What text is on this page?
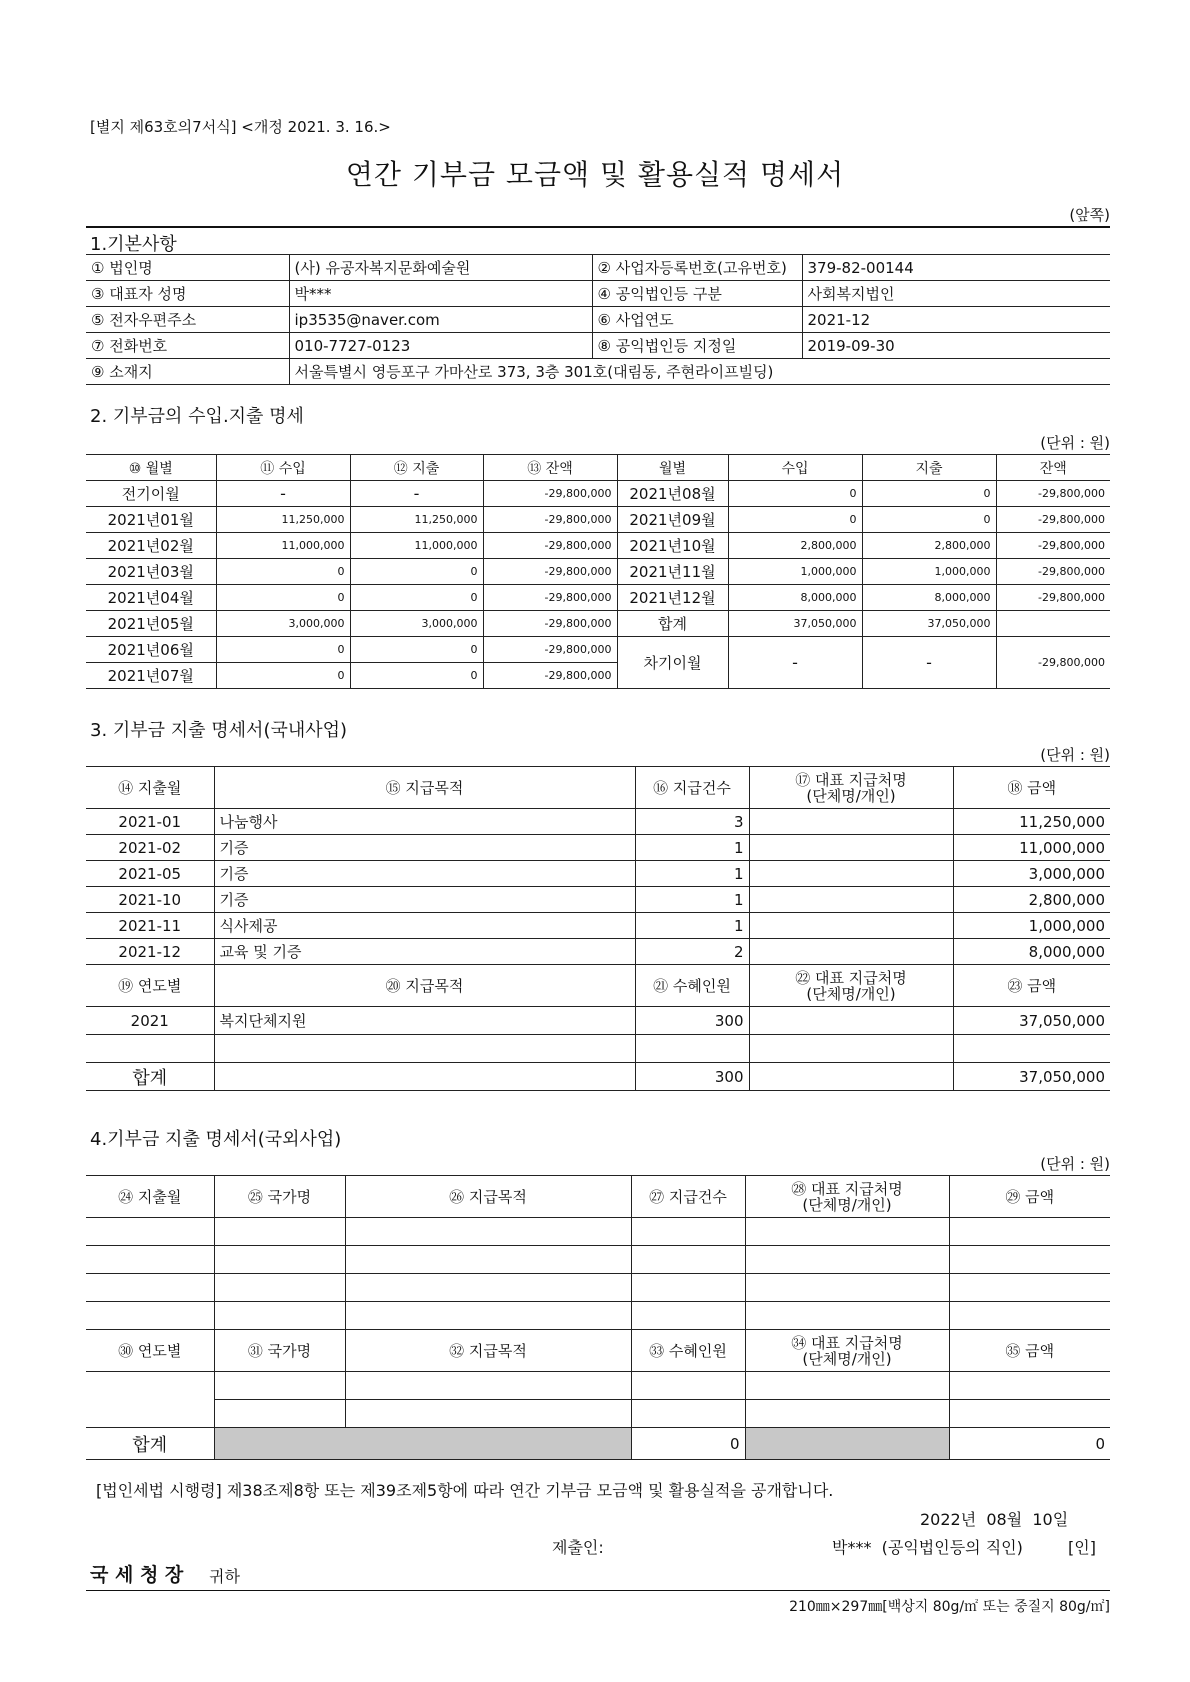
[별지 제63호의7서식] <개정 2021. 3. 16.>
연간 기부금 모금액 및 활용실적 명세서
(앞쪽)
1.기본사항
① 법인명	(사) 유공자복지문화예술원	② 사업자등록번호(고유번호)	379-82-00144
③ 대표자 성명	박***	④ 공익법인등 구분	사회복지법인
⑤ 전자우편주소	ip3535@naver.com	⑥ 사업연도	2021-12
⑦ 전화번호	010-7727-0123	⑧ 공익법인등 지정일	2019-09-30
⑨ 소재지	서울특별시 영등포구 가마산로 373, 3층 301호(대림동, 주현라이프빌딩)		
2. 기부금의 수입.지출 명세
(단위 : 원)
⑩ 월별	⑪ 수입	⑫ 지출	⑬ 잔액	월별	수입	지출	잔액
전기이월	-	-	-29,800,000	2021년08월	0	0	-29,800,000
2021년01월	11,250,000	11,250,000	-29,800,000	2021년09월	0	0	-29,800,000
2021년02월	11,000,000	11,000,000	-29,800,000	2021년10월	2,800,000	2,800,000	-29,800,000
2021년03월	0	0	-29,800,000	2021년11월	1,000,000	1,000,000	-29,800,000
2021년04월	0	0	-29,800,000	2021년12월	8,000,000	8,000,000	-29,800,000
2021년05월	3,000,000	3,000,000	-29,800,000	합계	37,050,000	37,050,000	
2021년06월	0	0	-29,800,000	차기이월	-	-	-29,800,000
2021년07월	0	0	-29,800,000				
3. 기부금 지출 명세서(국내사업)
(단위 : 원)
⑭ 지출월	⑮ 지급목적	⑯ 지급건수	⑰ 대표 지급처명
(단체명/개인)	⑱ 금액
2021-01	나눔행사	3		11,250,000
2021-02	기증	1		11,000,000
2021-05	기증	1		3,000,000
2021-10	기증	1		2,800,000
2021-11	식사제공	1		1,000,000
2021-12	교육 및 기증	2		8,000,000
⑲ 연도별	⑳ 지급목적	㉑ 수혜인원	㉒ 대표 지급처명
(단체명/개인)	㉓ 금액
2021	복지단체지원	300		37,050,000

합계		300		37,050,000
4.기부금 지출 명세서(국외사업)
(단위 : 원)
㉔ 지출월	㉕ 국가명	㉖ 지급목적	㉗ 지급건수	㉘ 대표 지급처명
(단체명/개인)	㉙ 금액

㉚ 연도별	㉛ 국가명	㉜ 지급목적	㉝ 수혜인원	㉞ 대표 지급처명
(단체명/개인)	㉟ 금액

합계			0		0
[법인세법 시행령] 제38조제8항 또는 제39조제5항에 따라 연간 기부금 모금액 및 활용실적을 공개합니다.
2022년  08월  10일
제출인:	박***  (공익법인등의 직인)	[인]
국 세 청 장 귀하
210㎜×297㎜[백상지 80g/㎡ 또는 중질지 80g/㎡]
